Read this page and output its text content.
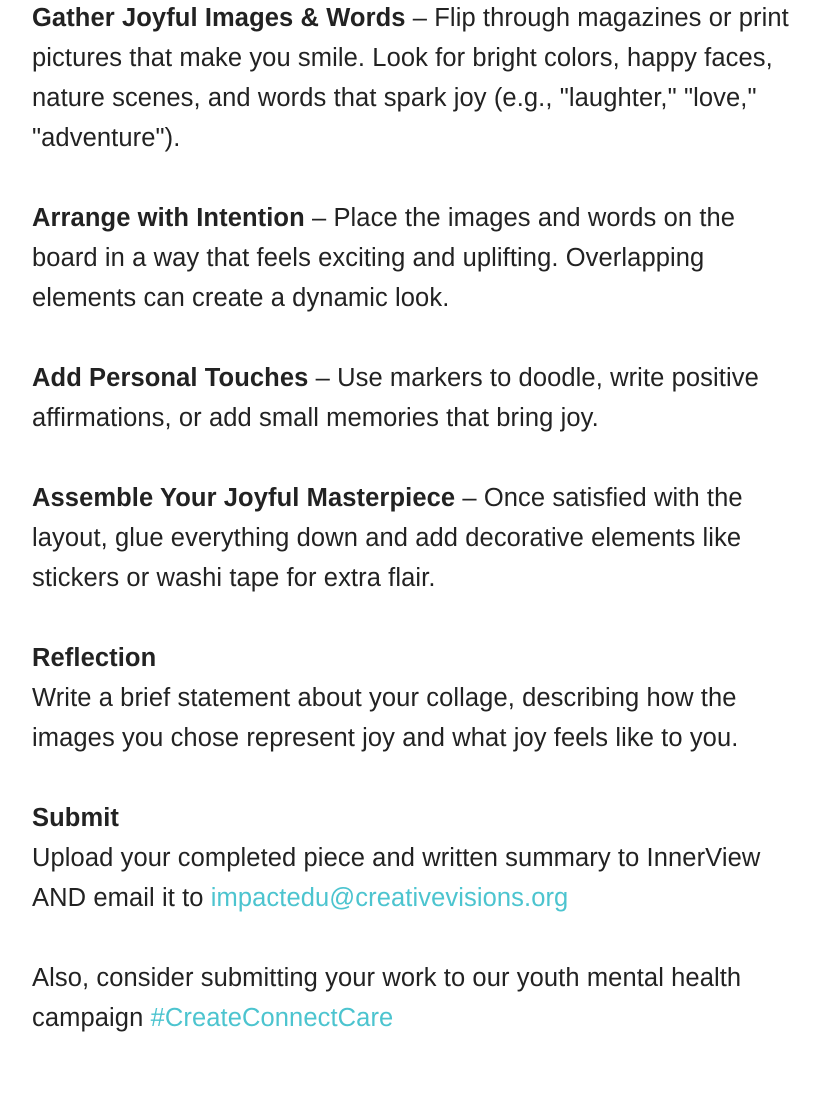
Gather Joyful Images & Words – Flip through magazines or print pictures that make you smile. Look for bright colors, happy faces, nature scenes, and words that spark joy (e.g., "laughter," "love," "adventure").

Arrange with Intention – Place the images and words on the board in a way that feels exciting and uplifting. Overlapping elements can create a dynamic look.

Add Personal Touches – Use markers to doodle, write positive affirmations, or add small memories that bring joy.

Assemble Your Joyful Masterpiece – Once satisfied with the layout, glue everything down and add decorative elements like stickers or washi tape for extra flair.

Reflection
Write a brief statement about your collage, describing how the images you chose represent joy and what joy feels like to you.

Submit
Upload your completed piece and written summary to InnerView AND email it to impactedu@creativevisions.org

Also, consider submitting your work to our youth mental health campaign #CreateConnectCare
